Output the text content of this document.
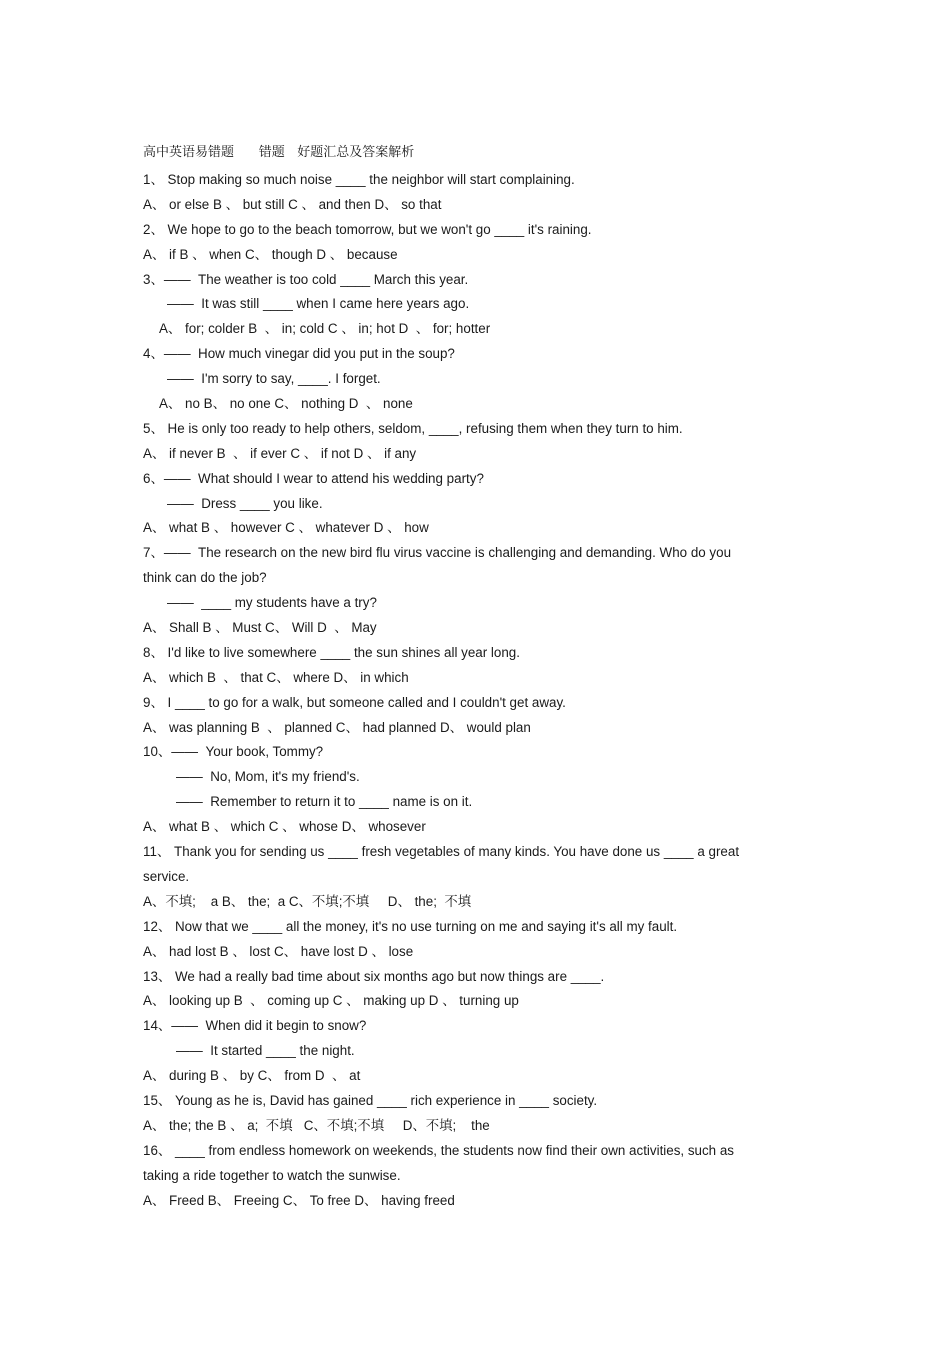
高中英语易错题      错题   好题汇总及答案解析
1、 Stop making so much noise ____ the neighbor will start complaining.
A、 or else B 、 but still C 、 and then D、 so that
2、 We hope to go to the beach tomorrow, but we won't go ____ it's raining.
A、 if B 、 when C、 though D 、 because
3、——  The weather is too cold ____ March this year.
——  It was still ____ when I came here years ago.
A、 for; colder B  、 in; cold C 、 in; hot D  、 for; hotter
4、——  How much vinegar did you put in the soup?
——  I'm sorry to say, ____. I forget.
A、 no B、 no one C、 nothing D  、 none
5、 He is only too ready to help others, seldom, ____, refusing them when they turn to him.
A、 if never B  、 if ever C 、 if not D 、 if any
6、——  What should I wear to attend his wedding party?
——  Dress ____ you like.
A、 what B 、 however C 、 whatever D 、 how
7、——  The research on the new bird flu virus vaccine is challenging and demanding. Who do you
think can do the job?
——  ____ my students have a try?
A、 Shall B 、 Must C、 Will D  、 May
8、 I'd like to live somewhere ____ the sun shines all year long.
A、 which B  、 that C、 where D、 in which
9、 I ____ to go for a walk, but someone called and I couldn't get away.
A、 was planning B  、 planned C、 had planned D、 would plan
10、——  Your book, Tommy?
——  No, Mom, it's my friend's.
——  Remember to return it to ____ name is on it.
A、 what B 、 which C 、 whose D、 whosever
11、 Thank you for sending us ____ fresh vegetables of many kinds. You have done us ____ a great
service.
A、不填;    a B、 the;  a C、不填;不填     D、 the;  不填
12、 Now that we ____ all the money, it's no use turning on me and saying it's all my fault.
A、 had lost B 、 lost C、 have lost D 、 lose
13、 We had a really bad time about six months ago but now things are ____.
A、 looking up B  、 coming up C 、 making up D 、 turning up
14、——  When did it begin to snow?
——  It started ____ the night.
A、 during B 、 by C、 from D  、 at
15、 Young as he is, David has gained ____ rich experience in ____ society.
A、 the; the B 、 a;  不填   C、不填;不填     D、不填;    the
16、 ____ from endless homework on weekends, the students now find their own activities, such as
taking a ride together to watch the sunwise.
A、 Freed B、 Freeing C、 To free D、 having freed
